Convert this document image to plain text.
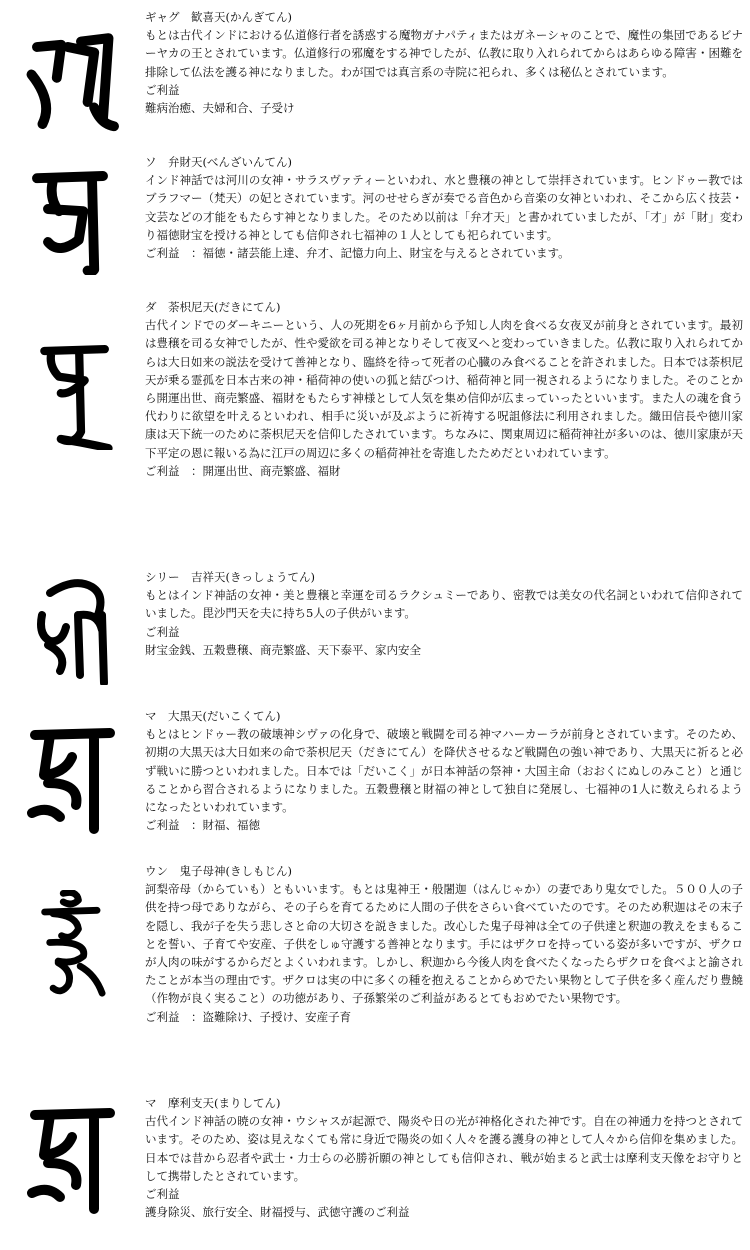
ギャグ　歓喜天(かんぎてん)
もとは古代インドにおける仏道修行者を誘惑する魔物ガナパティまたはガネーシャのことで、魔性の集団であるビナーヤカの王とされています。仏道修行の邪魔をする神でしたが、仏教に取り入れられてからはあらゆる障害・困難を排除して仏法を護る神になりました。わが国では真言系の寺院に祀られ、多くは秘仏とされています。
ご利益
難病治癒、夫婦和合、子受け
ソ　弁財天(べんざいんてん)
インド神話では河川の女神・サラスヴァティーといわれ、水と豊穣の神として崇拝されています。ヒンドゥー教ではブラフマー（梵天）の妃とされています。河のせせらぎが奏でる音色から音楽の女神といわれ、そこから広く技芸・文芸などの才能をもたらす神となりました。そのため以前は「弁才天」と書かれていましたが、「才」が「財」変わり福徳財宝を授ける神としても信仰され七福神の１人としても祀られています。
ご利益　：福徳・諸芸能上達、弁才、記憶力向上、財宝を与えるとされています。
ダ　荼枳尼天(だきにてん)
古代インドでのダーキニーという、人の死期を6ヶ月前から予知し人肉を食べる女夜叉が前身とされています。最初は豊穣を司る女神でしたが、性や愛欲を司る神となりそして夜叉へと変わっていきました。仏教に取り入れられてからは大日如来の説法を受けて善神となり、臨終を待って死者の心臓のみ食べることを許されました。日本では荼枳尼天が乗る霊孤を日本古来の神・稲荷神の使いの狐と結びつけ、稲荷神と同一視されるようになりました。そのことから開運出世、商売繁盛、福財をもたらす神様として人気を集め信仰が広まっていったといいます。また人の魂を食う代わりに欲望を叶えるといわれ、相手に災いが及ぶように祈祷する呪詛修法に利用されました。織田信長や徳川家康は天下統一のために荼枳尼天を信仰したされています。ちなみに、関東周辺に稲荷神社が多いのは、徳川家康が天下平定の恩に報いる為に江戸の周辺に多くの稲荷神社を寄進したためだといわれています。
ご利益　：開運出世、商売繁盛、福財
シリー　吉祥天(きっしょうてん)
もとはインド神話の女神・美と豊穣と幸運を司るラクシュミーであり、密教では美女の代名詞といわれて信仰されていました。毘沙門天を夫に持ち5人の子供がいます。
ご利益
財宝金銭、五穀豊穣、商売繁盛、天下泰平、家内安全
マ　大黒天(だいこくてん)
もとはヒンドゥー教の破壊神シヴァの化身で、破壊と戦闘を司る神マハーカーラが前身とされています。そのため、初期の大黒天は大日如来の命で荼枳尼天（だきにてん）を降伏させるなど戦闘色の強い神であり、大黒天に祈ると必ず戦いに勝つといわれました。日本では「だいこく」が日本神話の祭神・大国主命（おおくにぬしのみこと）と通じることから習合されるようになりました。五穀豊穣と財福の神として独自に発展し、七福神の1人に数えられるようになったといわれています。
ご利益　：財福、福徳
ウン　鬼子母神(きしもじん)
訶梨帝母（からていも）ともいいます。もとは鬼神王・般闍迦（はんじゃか）の妻であり鬼女でした。５００人の子供を持つ母でありながら、その子らを育てるために人間の子供をさらい食べていたのです。そのため釈迦はその末子を隠し、我が子を失う悲しさと命の大切さを説きました。改心した鬼子母神は全ての子供達と釈迦の教えをまもることを誓い、子育てや安産、子供をしゅ守護する善神となります。手にはザクロを持っている姿が多いですが、ザクロが人肉の味がするからだとよくいわれます。しかし、釈迦から今後人肉を食べたくなったらザクロを食べよと諭されたことが本当の理由です。ザクロは実の中に多くの種を抱えることからめでたい果物として子供を多く産んだり豊饒（作物が良く実ること）の功徳があり、子孫繁栄のご利益があるとてもおめでたい果物です。
ご利益　：盗難除け、子授け、安産子育
マ　摩利支天(まりしてん)
古代インド神話の暁の女神・ウシャスが起源で、陽炎や日の光が神格化された神です。自在の神通力を持つとされています。そのため、姿は見えなくても常に身近で陽炎の如く人々を護る護身の神として人々から信仰を集めました。日本では昔から忍者や武士・力士らの必勝祈願の神としても信仰され、戦が始まると武士は摩利支天像をお守りとして携帯したとされています。
ご利益
護身除災、旅行安全、財福授与、武徳守護のご利益
